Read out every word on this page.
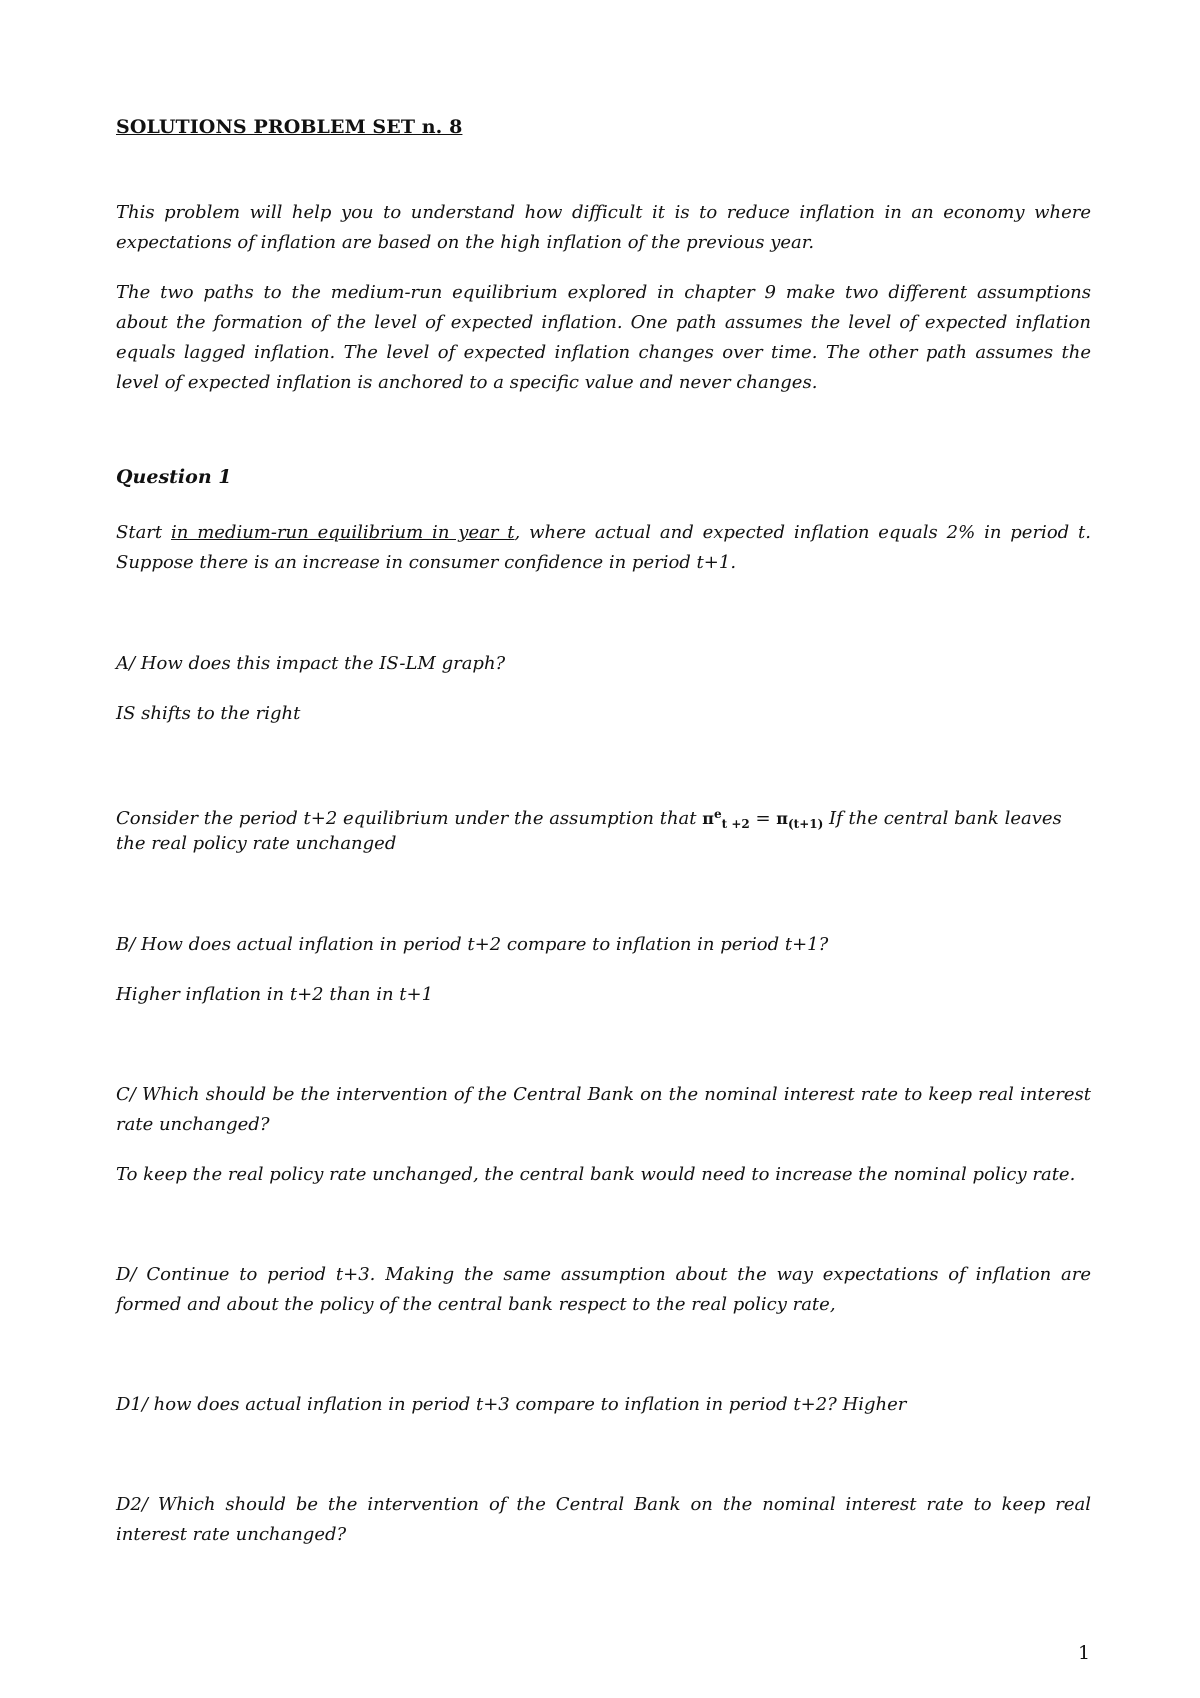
SOLUTIONS PROBLEM SET n. 8
This problem will help you to understand how difficult it is to reduce inflation in an economy where expectations of inflation are based on the high inflation of the previous year.
The two paths to the medium-run equilibrium explored in chapter 9 make two different assumptions about the formation of the level of expected inflation. One path assumes the level of expected inflation equals lagged inflation. The level of expected inflation changes over time. The other path assumes the level of expected inflation is anchored to a specific value and never changes.
Question 1
Start in medium-run equilibrium in year t, where actual and expected inflation equals 2% in period t. Suppose there is an increase in consumer confidence in period t+1.
A/ How does this impact the IS-LM graph?
IS shifts to the right
Consider the period t+2 equilibrium under the assumption that $\pi^e_{t +2} = \pi_{(t+1)}$ If the central bank leaves
the real policy rate unchanged
B/ How does actual inflation in period t+2 compare to inflation in period t+1?
Higher inflation in t+2 than in t+1
C/ Which should be the intervention of the Central Bank on the nominal interest rate to keep real interest rate unchanged?
To keep the real policy rate unchanged, the central bank would need to increase the nominal policy rate.
D/ Continue to period t+3. Making the same assumption about the way expectations of inflation are formed and about the policy of the central bank respect to the real policy rate,
D1/ how does actual inflation in period t+3 compare to inflation in period t+2? Higher
D2/ Which should be the intervention of the Central Bank on the nominal interest rate to keep real interest rate unchanged?
1
